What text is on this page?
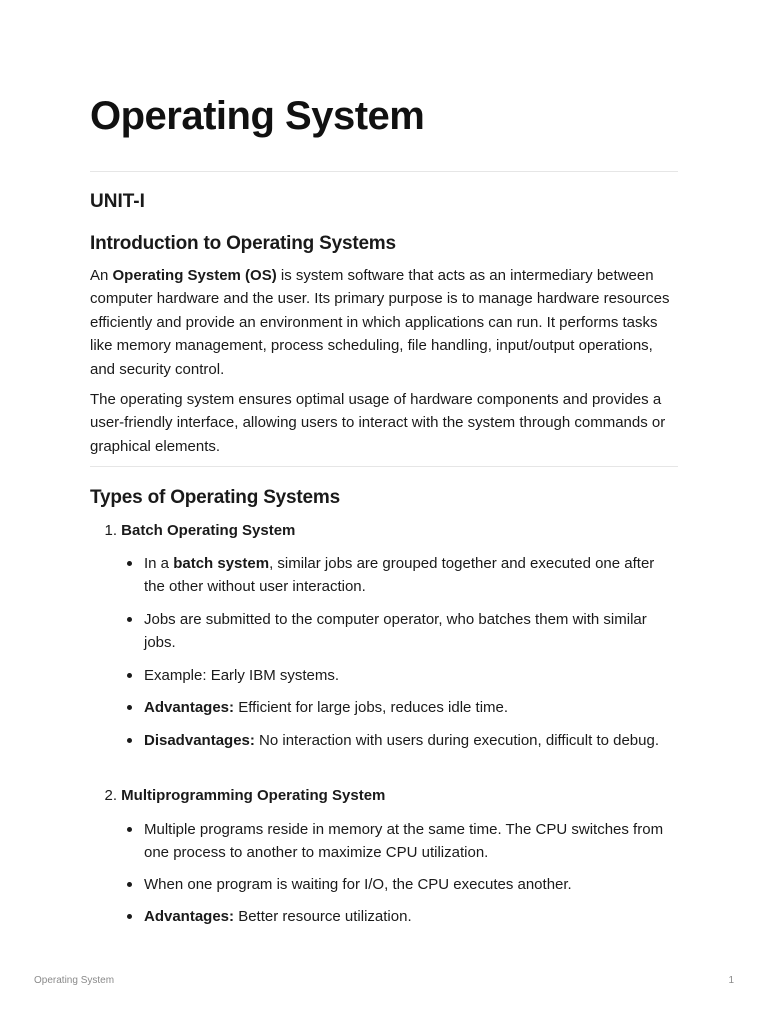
Operating System
UNIT-I
Introduction to Operating Systems

An Operating System (OS) is system software that acts as an intermediary between computer hardware and the user. Its primary purpose is to manage hardware resources efficiently and provide an environment in which applications can run. It performs tasks like memory management, process scheduling, file handling, input/output operations, and security control.

The operating system ensures optimal usage of hardware components and provides a user-friendly interface, allowing users to interact with the system through commands or graphical elements.

Types of Operating Systems
1. Batch Operating System
In a batch system, similar jobs are grouped together and executed one after the other without user interaction.
Jobs are submitted to the computer operator, who batches them with similar jobs.
Example: Early IBM systems.
Advantages: Efficient for large jobs, reduces idle time.
Disadvantages: No interaction with users during execution, difficult to debug.
2. Multiprogramming Operating System
Multiple programs reside in memory at the same time. The CPU switches from one process to another to maximize CPU utilization.
When one program is waiting for I/O, the CPU executes another.
Advantages: Better resource utilization.
Operating System	1
